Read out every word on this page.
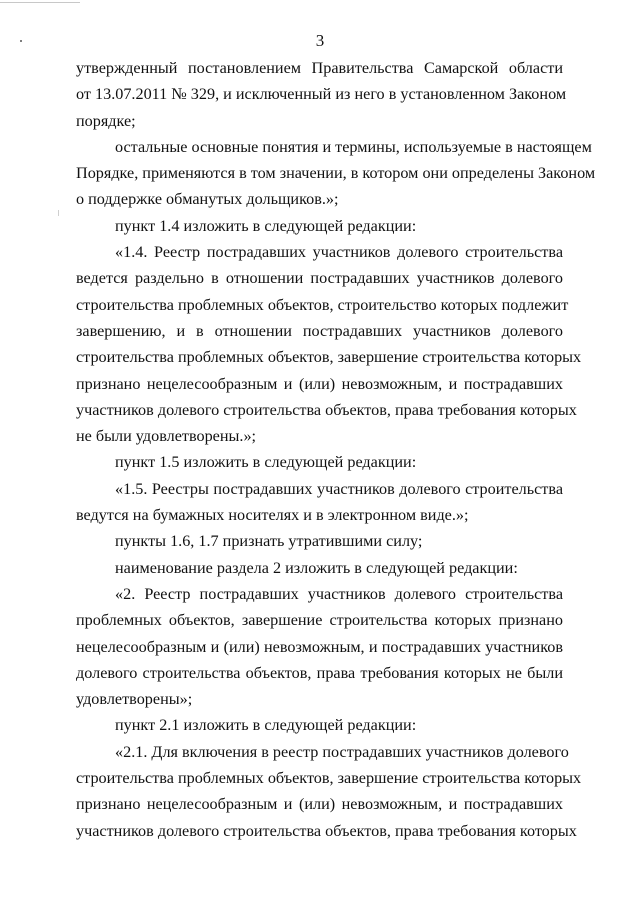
3
утвержденный постановлением Правительства Самарской области
от 13.07.2011 № 329, и исключенный из него в установленном Законом
порядке;
остальные основные понятия и термины, используемые в настоящем
Порядке, применяются в том значении, в котором они определены Законом
о поддержке обманутых дольщиков.»;
пункт 1.4 изложить в следующей редакции:
«1.4. Реестр пострадавших участников долевого строительства
ведется раздельно в отношении пострадавших участников долевого
строительства проблемных объектов, строительство которых подлежит
завершению, и в отношении пострадавших участников долевого
строительства проблемных объектов, завершение строительства которых
признано нецелесообразным и (или) невозможным, и пострадавших
участников долевого строительства объектов, права требования которых
не были удовлетворены.»;
пункт 1.5 изложить в следующей редакции:
«1.5. Реестры пострадавших участников долевого строительства
ведутся на бумажных носителях и в электронном виде.»;
пункты 1.6, 1.7 признать утратившими силу;
наименование раздела 2 изложить в следующей редакции:
«2. Реестр пострадавших участников долевого строительства
проблемных объектов, завершение строительства которых признано
нецелесообразным и (или) невозможным, и пострадавших участников
долевого строительства объектов, права требования которых не были
удовлетворены»;
пункт 2.1 изложить в следующей редакции:
«2.1. Для включения в реестр пострадавших участников долевого
строительства проблемных объектов, завершение строительства которых
признано нецелесообразным и (или) невозможным, и пострадавших
участников долевого строительства объектов, права требования которых
